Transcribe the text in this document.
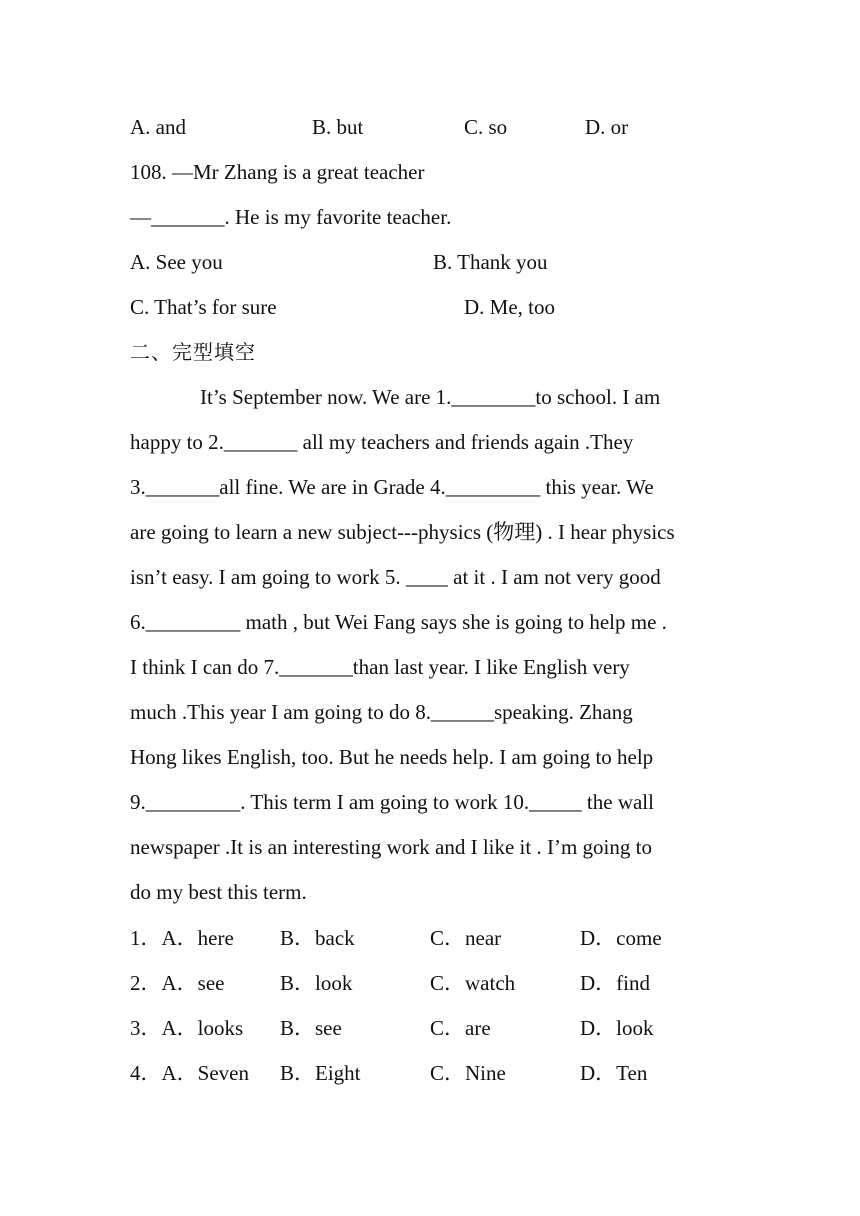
A. and	B. but	C. so	D. or
108. —Mr Zhang is a great teacher
—_______. He is my favorite teacher.
A. See you	B. Thank you
C. That’s for sure	D. Me, too
二、完型填空
It’s September now. We are 1.________to school. I am
happy to 2._______ all my teachers and friends again .They
3._______all fine. We are in Grade 4._________ this year. We
are going to learn a new subject---physics (物理) . I hear physics
isn’t easy. I am going to work 5. ____ at it . I am not very good
6._________ math , but Wei Fang says she is going to help me .
I think I can do 7._______than last year. I like English very
much .This year I am going to do 8.______speaking. Zhang
Hong likes English, too. But he needs help. I am going to help
9._________. This term I am going to work 10._____ the wall
newspaper .It is an interesting work and I like it . I’m going to
do my best this term.
1．A．here B．back	C．near	D．come
2．A．see	B．look	C．watch	D．find
3．A．looks B．see	C．are	D．look
4．A．Seven B．Eight	C．Nine	D．Ten
